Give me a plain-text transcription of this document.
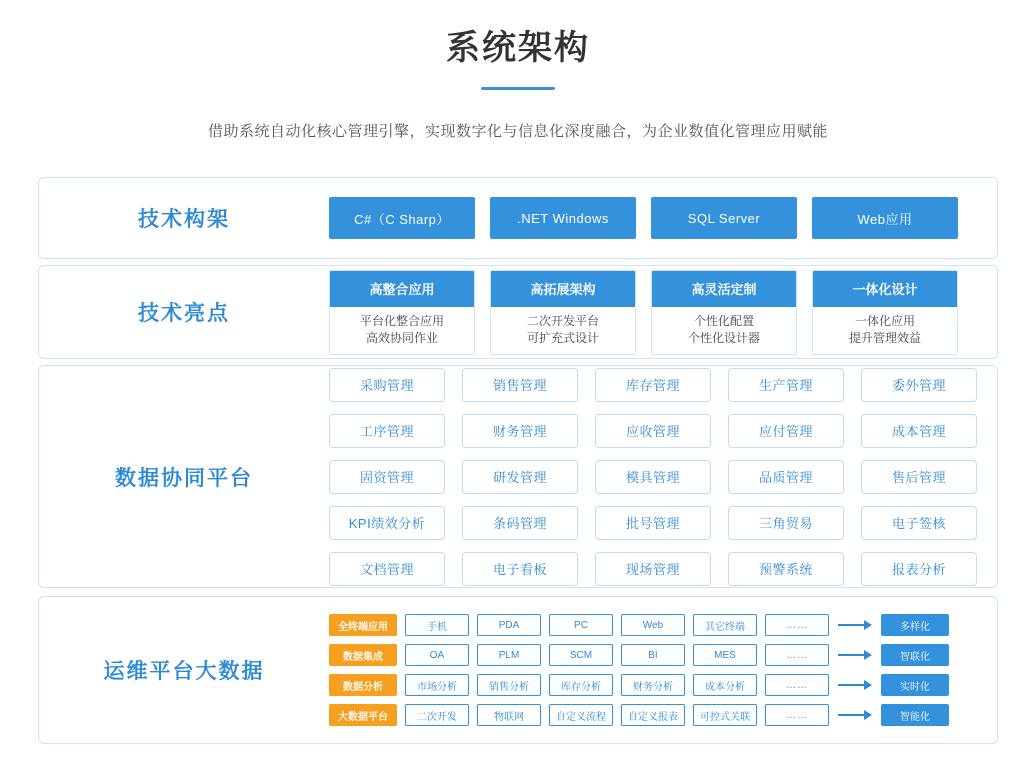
系统架构
借助系统自动化核心管理引擎，实现数字化与信息化深度融合，为企业数值化管理应用赋能
技术构架	C#（C Sharp）	.NET Windows	SQL Server	Web应用
技术亮点
高整合应用
平台化整合应用
高效协同作业
高拓展架构
二次开发平台
可扩充式设计
高灵活定制
个性化配置
个性化设计器
一体化设计
一体化应用
提升管理效益
数据协同平台
采购管理	销售管理	库存管理	生产管理	委外管理
工序管理	财务管理	应收管理	应付管理	成本管理
固资管理	研发管理	模具管理	品质管理	售后管理
KPI绩效分析	条码管理	批号管理	三角贸易	电子签核
文档管理	电子看板	现场管理	预警系统	报表分析
运维平台大数据
全终端应用	手机	PDA	PC	Web	其它终端	……	多样化
数据集成	OA	PLM	SCM	BI	MES	……	智联化
数据分析	市场分析	销售分析	库存分析	财务分析	成本分析	……	实时化
大数据平台	二次开发	物联网	自定义流程	自定义报表	可控式关联	……	智能化
